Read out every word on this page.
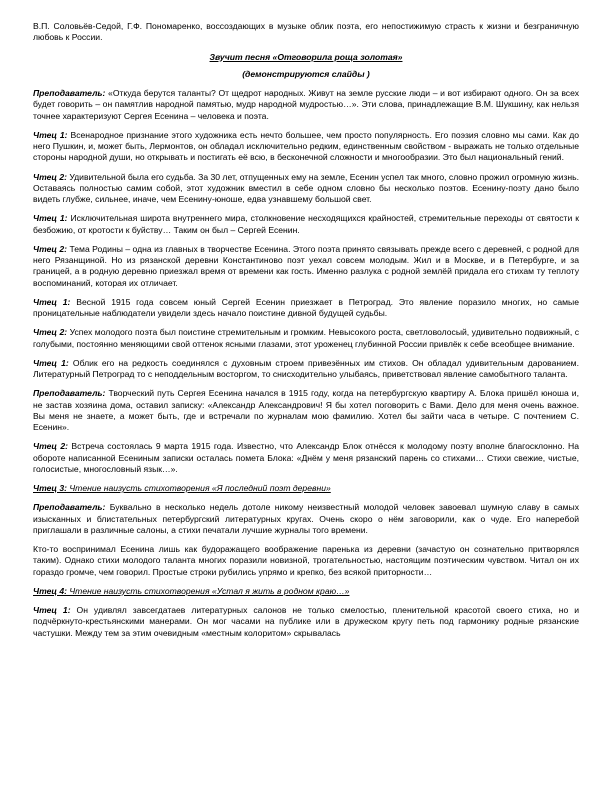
В.П. Соловьёв-Седой, Г.Ф. Пономаренко, воссоздающих в музыке облик поэта, его непостижимую страсть к жизни и безграничную любовь к России.

Звучит песня «Отговорила роща золотая»
(демонстрируются слайды )

Преподаватель: «Откуда берутся таланты? От щедрот народных. Живут на земле русские люди – и вот избирают одного. Он за всех будет говорить – он памятлив народной памятью, мудр народной мудростью…». Эти слова, принадлежащие В.М. Шукшину, как нельзя точнее характеризуют Сергея Есенина – человека и поэта.

Чтец 1: Всенародное признание этого художника есть нечто большее, чем просто популярность. Его поэзия словно мы сами. Как до него Пушкин, и, может быть, Лермонтов, он обладал исключительно редким, единственным свойством - выражать не только отдельные стороны народной души, но открывать и постигать её всю, в бесконечной сложности и многообразии. Это был национальный гений.

Чтец 2: Удивительной была его судьба. За 30 лет, отпущенных ему на земле, Есенин успел так много, словно прожил огромную жизнь. Оставаясь полностью самим собой, этот художник вместил в себе одном словно бы несколько поэтов. Есенину-поэту дано было видеть глубже, сильнее, иначе, чем Есенину-юноше, едва узнавшему большой свет.

Чтец 1: Исключительная широта внутреннего мира, столкновение несходящихся крайностей, стремительные переходы от святости к безбожию, от кротости к буйству… Таким он был – Сергей Есенин.

Чтец 2: Тема Родины – одна из главных в творчестве Есенина. Этого поэта принято связывать прежде всего с деревней, с родной для него Рязанщиной. Но из рязанской деревни Константиново поэт уехал совсем молодым. Жил и в Москве, и в Петербурге, и за границей, а в родную деревню приезжал время от времени как гость. Именно разлука с родной землёй придала его стихам ту теплоту воспоминаний, которая их отличает.

Чтец 1: Весной 1915 года совсем юный Сергей Есенин приезжает в Петроград. Это явление поразило многих, но самые проницательные наблюдатели увидели здесь начало поистине дивной будущей судьбы.

Чтец 2: Успех молодого поэта был поистине стремительным и громким. Невысокого роста, светловолосый, удивительно подвижный, с голубыми, постоянно меняющими свой оттенок ясными глазами, этот уроженец глубинной России привлёк к себе всеобщее внимание.

Чтец 1: Облик его на редкость соединялся с духовным строем привезённых им стихов. Он обладал удивительным дарованием. Литературный Петроград то с неподдельным восторгом, то снисходительно улыбаясь, приветствовал явление самобытного таланта.

Преподаватель: Творческий путь Сергея Есенина начался в 1915 году, когда на петербургскую квартиру А. Блока пришёл юноша и, не застав хозяина дома, оставил записку: «Александр Александрович! Я бы хотел поговорить с Вами. Дело для меня очень важное. Вы меня не знаете, а может быть, где и встречали по журналам мою фамилию. Хотел бы зайти часа в четыре. С почтением С. Есенин».

Чтец 2: Встреча состоялась 9 марта 1915 года. Известно, что Александр Блок отнёсся к молодому поэту вполне благосклонно. На обороте написанной Есениным записки осталась помета Блока: «Днём у меня рязанский парень со стихами… Стихи свежие, чистые, голосистые, многословный язык…».

Чтец 3: Чтение наизусть стихотворения «Я последний поэт деревни»

Преподаватель: Буквально в несколько недель дотоле никому неизвестный молодой человек завоевал шумную славу в самых изысканных и блистательных петербургский литературных кругах. Очень скоро о нём заговорили, как о чуде. Его наперебой приглашали в различные салоны, а стихи печатали лучшие журналы того времени.

Кто-то воспринимал Есенина лишь как будоражащего воображение паренька из деревни (зачастую он сознательно притворялся таким). Однако стихи молодого таланта многих поразили новизной, трогательностью, настоящим поэтическим чувством. Читал он их гораздо громче, чем говорил. Простые строки рубились упрямо и крепко, без всякой приторности…

Чтец 4: Чтение наизусть стихотворения «Устал я жить в родном краю…»

Чтец 1: Он удивлял завсегдатаев литературных салонов не только смелостью, пленительной красотой своего стиха, но и подчёркнуто-крестьянскими манерами. Он мог часами на публике или в дружеском кругу петь под гармонику родные рязанские частушки. Между тем за этим очевидным «местным колоритом» скрывалась
